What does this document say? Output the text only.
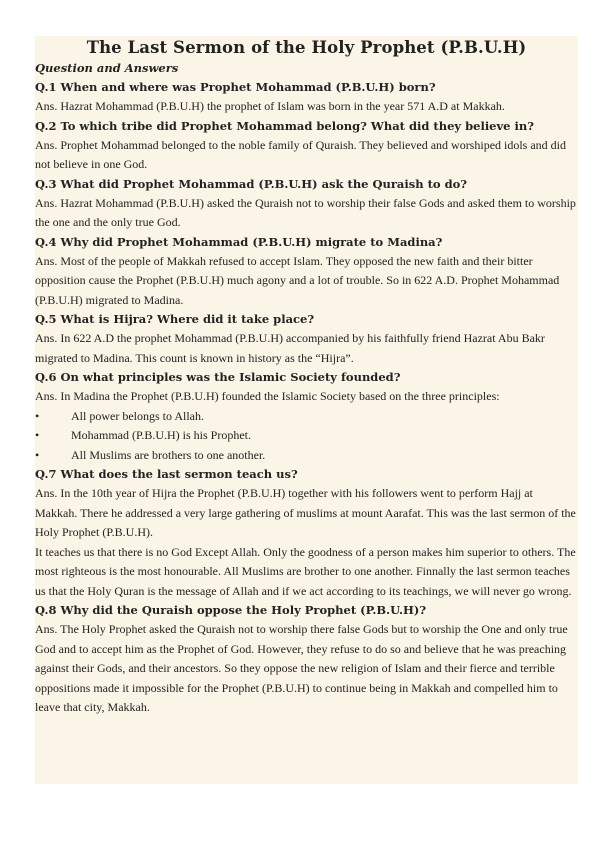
The Last Sermon of the Holy Prophet (P.B.U.H)
Question and Answers
Q.1 When and where was Prophet Mohammad (P.B.U.H) born?
Ans. Hazrat Mohammad (P.B.U.H) the prophet of Islam was born in the year 571 A.D at Makkah.
Q.2 To which tribe did Prophet Mohammad belong? What did they believe in?
Ans. Prophet Mohammad belonged to the noble family of Quraish. They believed and worshiped idols and did not believe in one God.
Q.3 What did Prophet Mohammad (P.B.U.H) ask the Quraish to do?
Ans. Hazrat Mohammad (P.B.U.H) asked the Quraish not to worship their false Gods and asked them to worship the one and the only true God.
Q.4 Why did Prophet Mohammad (P.B.U.H) migrate to Madina?
Ans. Most of the people of Makkah refused to accept Islam. They opposed the new faith and their bitter opposition cause the Prophet (P.B.U.H) much agony and a lot of trouble. So in 622 A.D. Prophet Mohammad (P.B.U.H) migrated to Madina.
Q.5 What is Hijra? Where did it take place?
Ans. In 622 A.D the prophet Mohammad (P.B.U.H) accompanied by his faithfully friend Hazrat Abu Bakr migrated to Madina. This count is known in history as the “Hijra”.
Q.6 On what principles was the Islamic Society founded?
Ans. In Madina the Prophet (P.B.U.H) founded the Islamic Society based on the three principles:
•	All power belongs to Allah.
•	Mohammad (P.B.U.H) is his Prophet.
•	All Muslims are brothers to one another.
Q.7 What does the last sermon teach us?
Ans. In the 10th year of Hijra the Prophet (P.B.U.H) together with his followers went to perform Hajj at Makkah. There he addressed a very large gathering of muslims at mount Aarafat. This was the last sermon of the Holy Prophet (P.B.U.H).
It teaches us that there is no God Except Allah. Only the goodness of a person makes him superior to others. The most righteous is the most honourable. All Muslims are brother to one another. Finnally the last sermon teaches us that the Holy Quran is the message of Allah and if we act according to its teachings, we will never go wrong.
Q.8 Why did the Quraish oppose the Holy Prophet (P.B.U.H)?
Ans. The Holy Prophet asked the Quraish not to worship there false Gods but to worship the One and only true God and to accept him as the Prophet of God. However, they refuse to do so and believe that he was preaching against their Gods, and their ancestors. So they oppose the new religion of Islam and their fierce and terrible oppositions made it impossible for the Prophet (P.B.U.H) to continue being in Makkah and compelled him to leave that city, Makkah.
